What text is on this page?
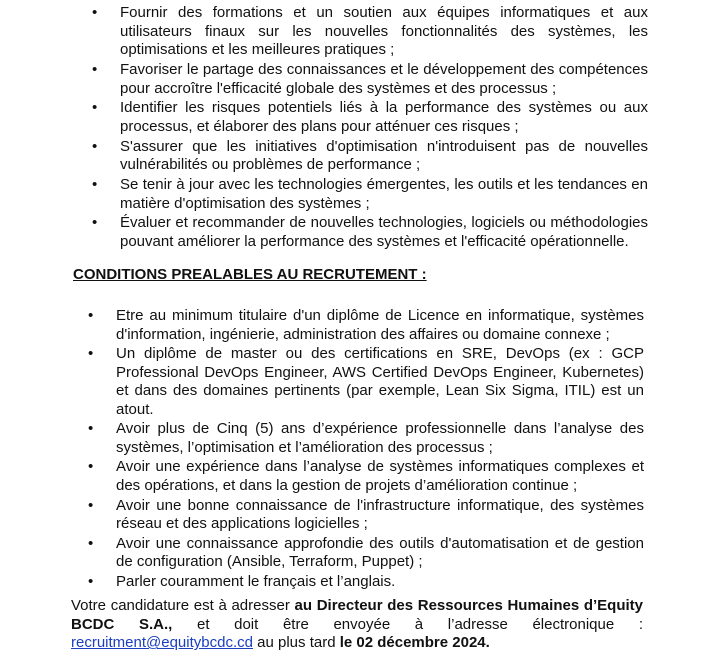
•	Fournir des formations et un soutien aux équipes informatiques et aux utilisateurs finaux sur les nouvelles fonctionnalités des systèmes, les optimisations et les meilleures pratiques ;
•	Favoriser le partage des connaissances et le développement des compétences pour accroître l'efficacité globale des systèmes et des processus ;
•	Identifier les risques potentiels liés à la performance des systèmes ou aux processus, et élaborer des plans pour atténuer ces risques ;
•	S'assurer que les initiatives d'optimisation n'introduisent pas de nouvelles vulnérabilités ou problèmes de performance ;
•	Se tenir à jour avec les technologies émergentes, les outils et les tendances en matière d'optimisation des systèmes ;
•	Évaluer et recommander de nouvelles technologies, logiciels ou méthodologies pouvant améliorer la performance des systèmes et l'efficacité opérationnelle.

CONDITIONS PREALABLES AU RECRUTEMENT :

•	Etre au minimum titulaire d'un diplôme de Licence en informatique, systèmes d'information, ingénierie, administration des affaires ou domaine connexe ;
•	Un diplôme de master ou des certifications en SRE, DevOps (ex : GCP Professional DevOps Engineer, AWS Certified DevOps Engineer, Kubernetes) et dans des domaines pertinents (par exemple, Lean Six Sigma, ITIL) est un atout.
•	Avoir plus de Cinq (5) ans d’expérience professionnelle dans l’analyse des systèmes, l’optimisation et l’amélioration des processus ;
•	Avoir une expérience dans l’analyse de systèmes informatiques complexes et des opérations, et dans la gestion de projets d’amélioration continue ;
•	Avoir une bonne connaissance de l'infrastructure informatique, des systèmes réseau et des applications logicielles ;
•	Avoir une connaissance approfondie des outils d'automatisation et de gestion de configuration (Ansible, Terraform, Puppet) ;
•	Parler couramment le français et l’anglais.

Votre candidature est à adresser au Directeur des Ressources Humaines d’Equity BCDC S.A., et doit être envoyée à l’adresse électronique : recruitment@equitybcdc.cd au plus tard le 02 décembre 2024.
